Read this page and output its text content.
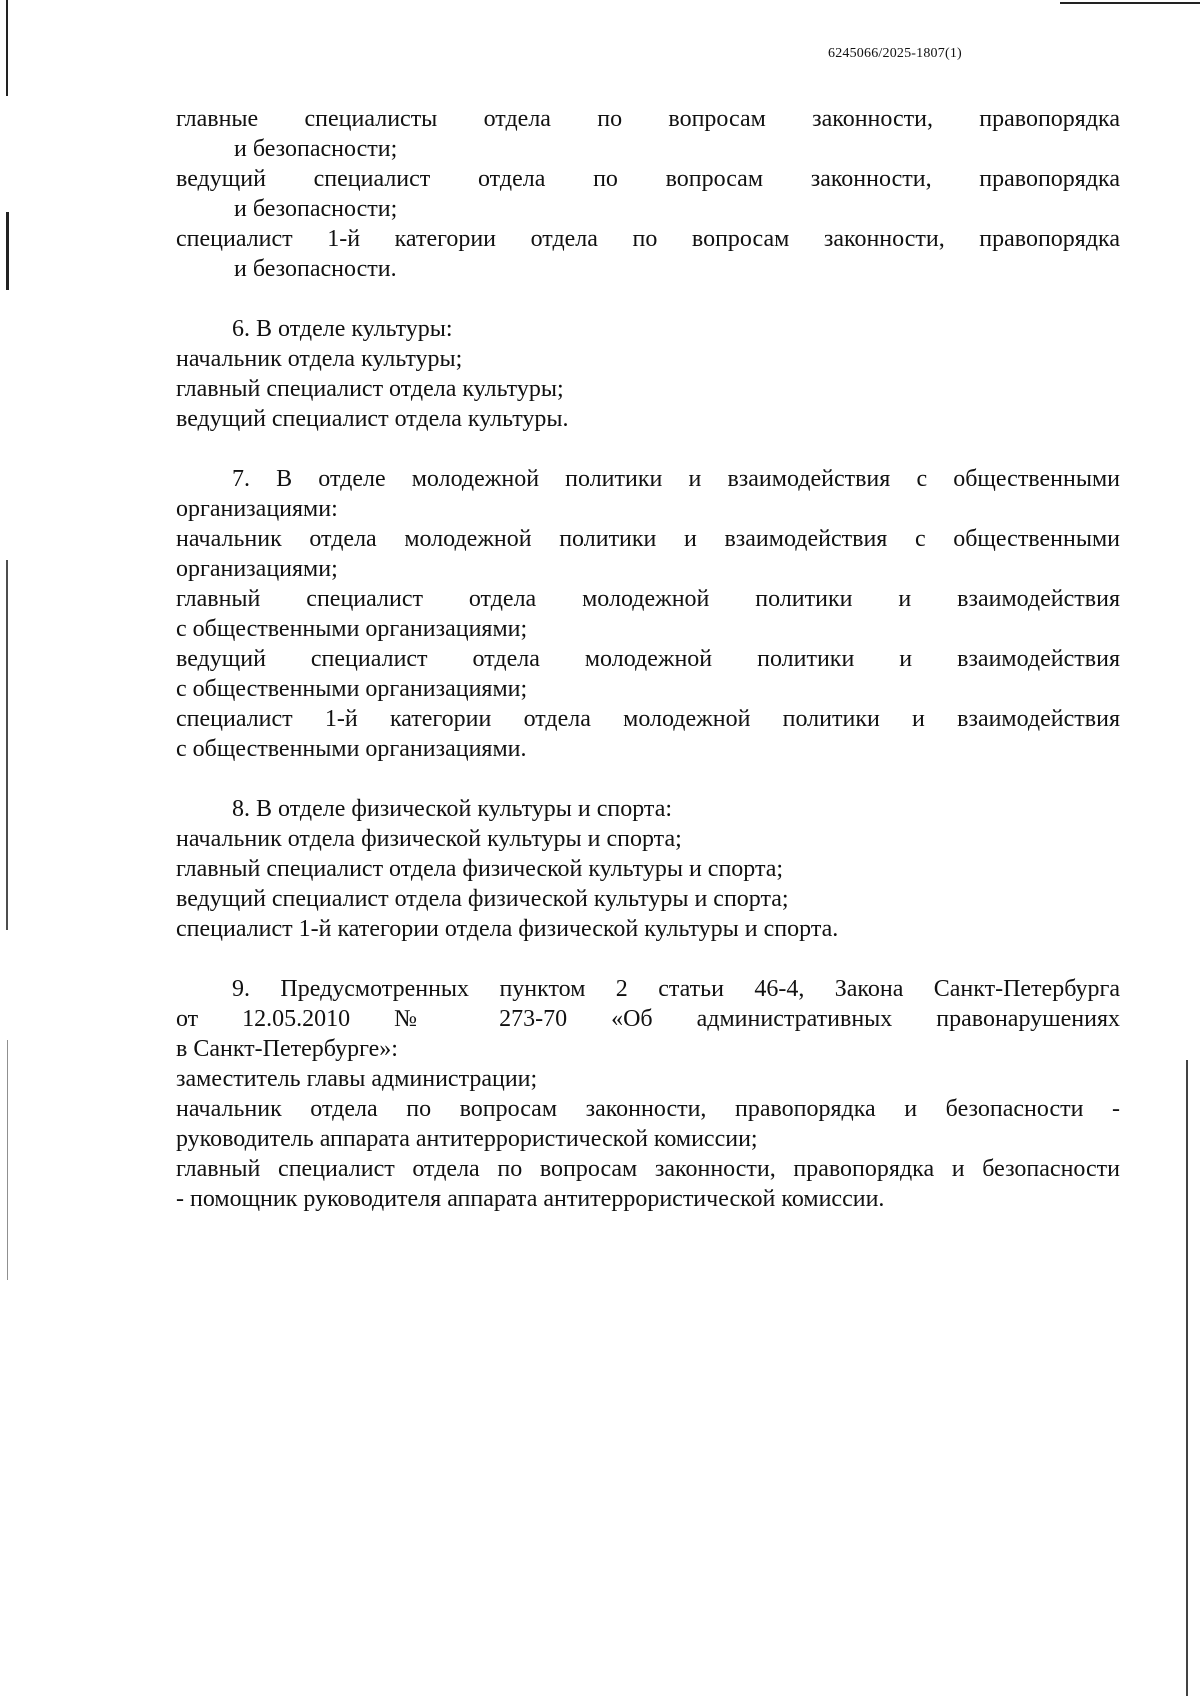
6245066/2025-1807(1)

главные специалисты отдела по вопросам законности, правопорядка

и безопасности;

ведущий специалист отдела по вопросам законности, правопорядка

и безопасности;

специалист 1-й категории отдела по вопросам законности, правопорядка

и безопасности.

6. В отделе культуры:

начальник отдела культуры;

главный специалист отдела культуры;

ведущий специалист отдела культуры.

7. В отделе молодежной политики и взаимодействия с общественными

организациями:

начальник отдела молодежной политики и взаимодействия с общественными

организациями;

главный специалист отдела молодежной политики и взаимодействия

с общественными организациями;

ведущий специалист отдела молодежной политики и взаимодействия

с общественными организациями;

специалист 1-й категории отдела молодежной политики и взаимодействия

с общественными организациями.

8. В отделе физической культуры и спорта:

начальник отдела физической культуры и спорта;

главный специалист отдела физической культуры и спорта;

ведущий специалист отдела физической культуры и спорта;

специалист 1-й категории отдела физической культуры и спорта.

9. Предусмотренных пунктом 2 статьи 46-4, Закона Санкт-Петербурга

от 12.05.2010 № 273-70 «Об административных правонарушениях

в Санкт-Петербурге»:

заместитель главы администрации;

начальник отдела по вопросам законности, правопорядка и безопасности -

руководитель аппарата антитеррористической комиссии;

главный специалист отдела по вопросам законности, правопорядка и безопасности

- помощник руководителя аппарата антитеррористической комиссии.
